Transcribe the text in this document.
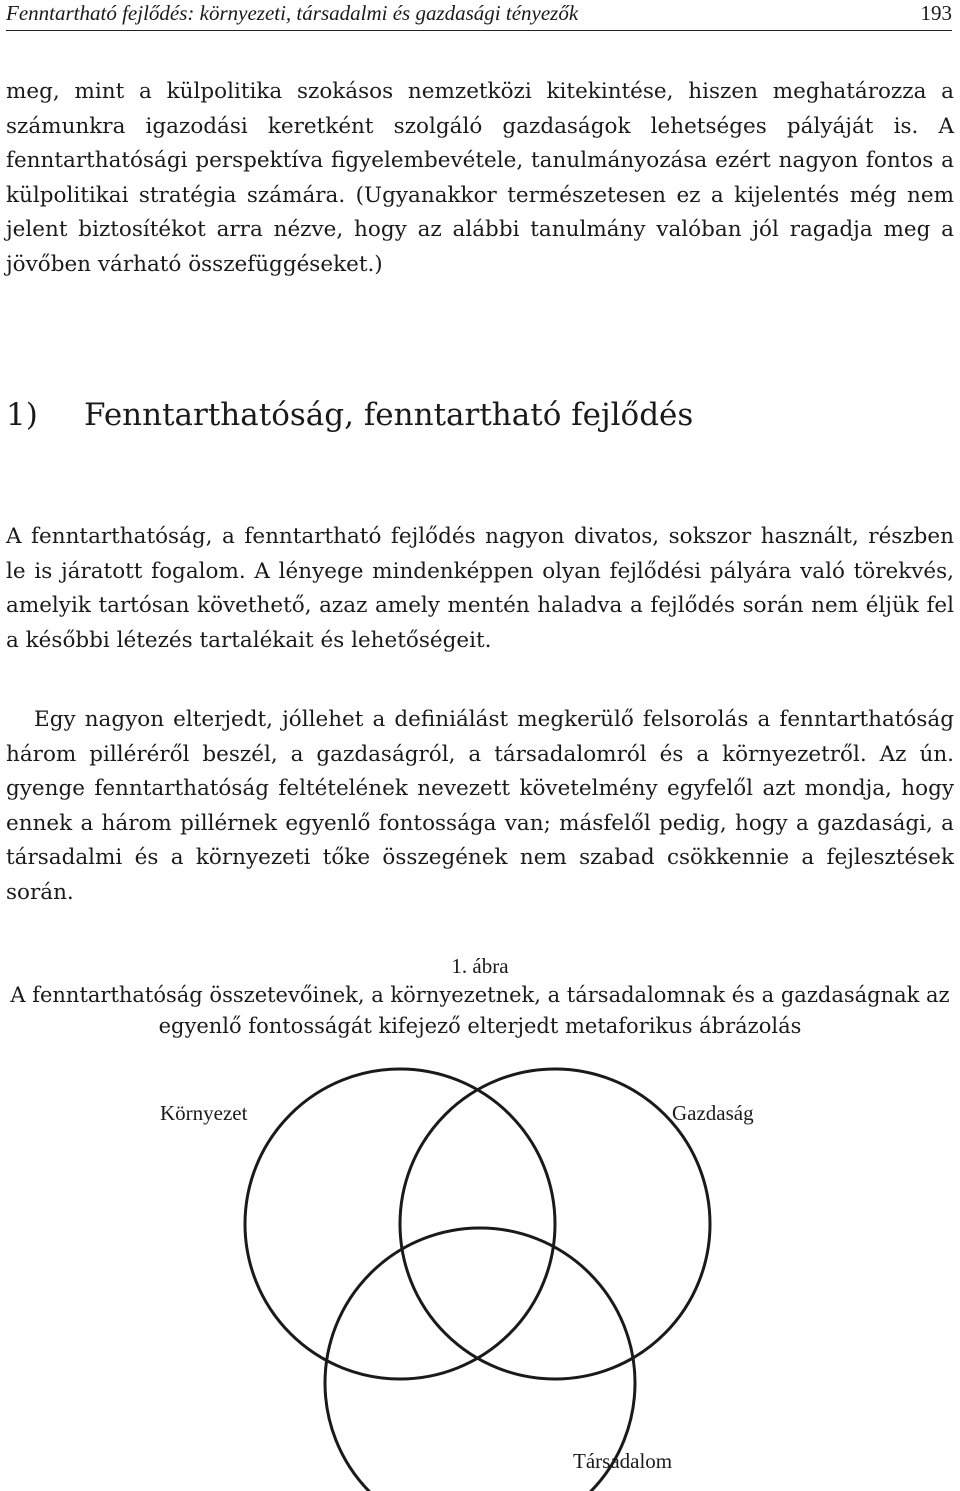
Fenntartható fejlődés: környezeti, társadalmi és gazdasági tényezők	193

meg, mint a külpolitika szokásos nemzetközi kitekintése, hiszen meghatározza a számunkra igazodási keretként szolgáló gazdaságok lehetséges pályáját is. A fenntarthatósági perspektíva figyelembevétele, tanulmányozása ezért nagyon fontos a külpolitikai stratégia számára. (Ugyanakkor természetesen ez a kijelentés még nem jelent biztosítékot arra nézve, hogy az alábbi tanulmány valóban jól ragadja meg a jövőben várható összefüggéseket.)

1) Fenntarthatóság, fenntartható fejlődés

A fenntarthatóság, a fenntartható fejlődés nagyon divatos, sokszor használt, részben le is járatott fogalom. A lényege mindenképpen olyan fejlődési pályára való törekvés, amelyik tartósan követhető, azaz amely mentén haladva a fejlődés során nem éljük fel a későbbi létezés tartalékait és lehetőségeit.

Egy nagyon elterjedt, jóllehet a definiálást megkerülő felsorolás a fenntarthatóság három pilléréről beszél, a gazdaságról, a társadalomról és a környezetről. Az ún. gyenge fenntarthatóság feltételének nevezett követelmény egyfelől azt mondja, hogy ennek a három pillérnek egyenlő fontossága van; másfelől pedig, hogy a gazdasági, a társadalmi és a környezeti tőke összegének nem szabad csökkennie a fejlesztések során.

1. ábra

A fenntarthatóság összetevőinek, a környezetnek, a társadalomnak és a gazdaságnak az egyenlő fontosságát kifejező elterjedt metaforikus ábrázolás

Környezet	Gazdaság
Társadalom
